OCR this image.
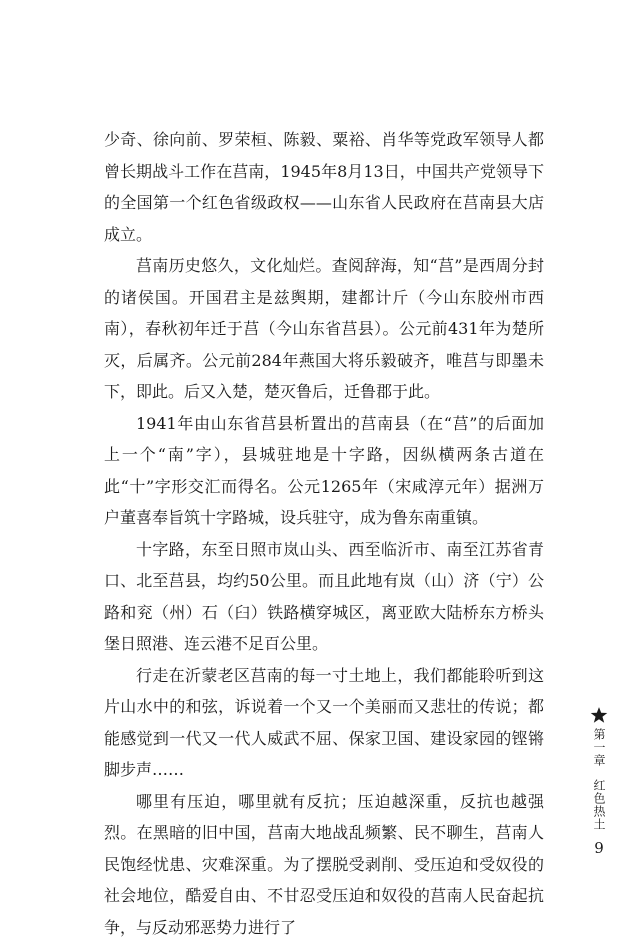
少奇、徐向前、罗荣桓、陈毅、粟裕、肖华等党政军领导人都曾长期战斗工作在莒南，1945年8月13日，中国共产党领导下的全国第一个红色省级政权——山东省人民政府在莒南县大店成立。

莒南历史悠久，文化灿烂。查阅辞海，知“莒”是西周分封的诸侯国。开国君主是兹舆期，建都计斤（今山东胶州市西南），春秋初年迁于莒（今山东省莒县）。公元前431年为楚所灭，后属齐。公元前284年燕国大将乐毅破齐，唯莒与即墨未下，即此。后又入楚，楚灭鲁后，迁鲁郡于此。

1941年由山东省莒县析置出的莒南县（在“莒”的后面加上一个“南”字），县城驻地是十字路，因纵横两条古道在此“十”字形交汇而得名。公元1265年（宋咸淳元年）据洲万户董喜奉旨筑十字路城，设兵驻守，成为鲁东南重镇。

十字路，东至日照市岚山头、西至临沂市、南至江苏省青口、北至莒县，均约50公里。而且此地有岚（山）济（宁）公路和兖（州）石（臼）铁路横穿城区，离亚欧大陆桥东方桥头堡日照港、连云港不足百公里。

行走在沂蒙老区莒南的每一寸土地上，我们都能聆听到这片山水中的和弦，诉说着一个又一个美丽而又悲壮的传说；都能感觉到一代又一代人威武不屈、保家卫国、建设家园的铿锵脚步声……

哪里有压迫，哪里就有反抗；压迫越深重，反抗也越强烈。在黑暗的旧中国，莒南大地战乱频繁、民不聊生，莒南人民饱经忧患、灾难深重。为了摆脱受剥削、受压迫和受奴役的社会地位，酷爱自由、不甘忍受压迫和奴役的莒南人民奋起抗争，与反动邪恶势力进行了

第一章
红色热土
9
